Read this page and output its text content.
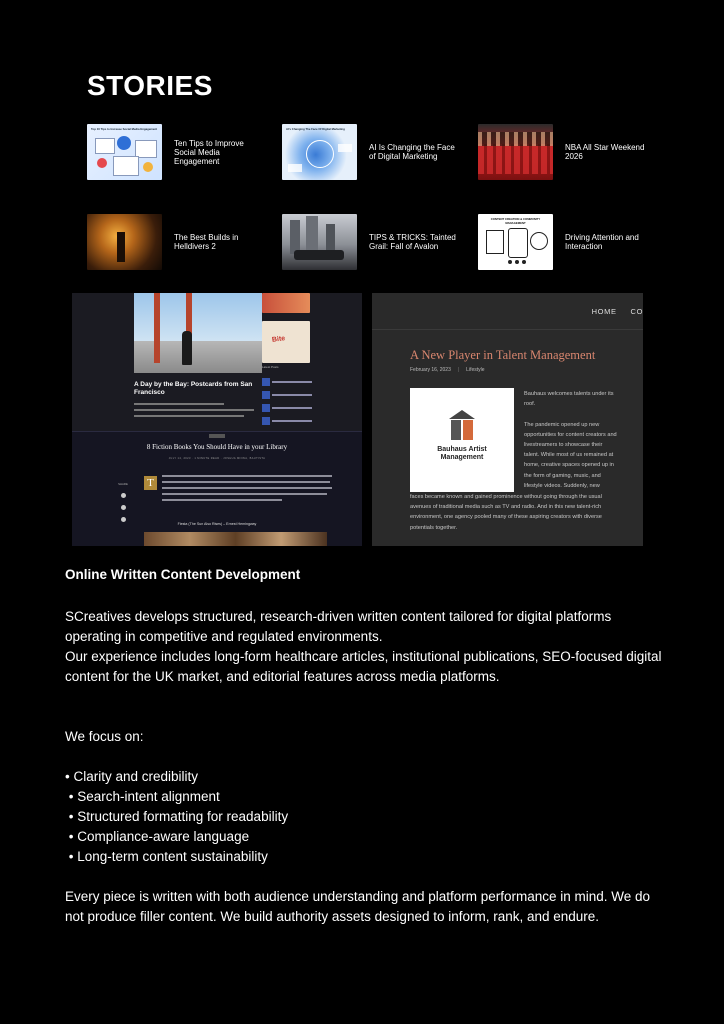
STORIES
Top 10 Tips to Increase Social Media Engagement
Ten Tips to Improve Social Media Engagement
AI's Changing The Face Of Digital Marketing
AI Is Changing the Face of Digital Marketing
NBA All Star Weekend 2026
The Best Builds in Helldivers 2
TIPS & TRICKS: Tainted Grail: Fall of Avalon
CONTENT CREATION & COMMUNITY MANAGEMENT
Driving Attention and Interaction
A Day by the Bay: Postcards from San Francisco
Bite
Latest Posts
8 Fiction Books You Should Have in your Library
JULY 14, 2023 · 1 MINUTE READ · JOSHUA MINNA, BAUTISTA
SHARE T
Fiesta (The Sun Also Rises) – Ernest Hemingway
HOME CO
A New Player in Talent Management
February 16, 2023 | Lifestyle
Bauhaus Artist
Management
Bauhaus welcomes talents under its roof.

The pandemic opened up new opportunities for content creators and livestreamers to showcase their talent. While most of us remained at home, creative spaces opened up in the form of gaming, music, and lifestyle videos. Suddenly, new
faces became known and gained prominence without going through the usual avenues of traditional media such as TV and radio. And in this new talent-rich environment, one agency pooled many of these aspiring creators with diverse potentials together.
Online Written Content Development

SCreatives develops structured, research-driven written content tailored for digital platforms operating in competitive and regulated environments.

Our experience includes long-form healthcare articles, institutional publications, SEO-focused digital content for the UK market, and editorial features across media platforms.

We focus on:

• Clarity and credibility
• Search-intent alignment
• Structured formatting for readability
• Compliance-aware language
• Long-term content sustainability

Every piece is written with both audience understanding and platform performance in mind. We do not produce filler content. We build authority assets designed to inform, rank, and endure.
